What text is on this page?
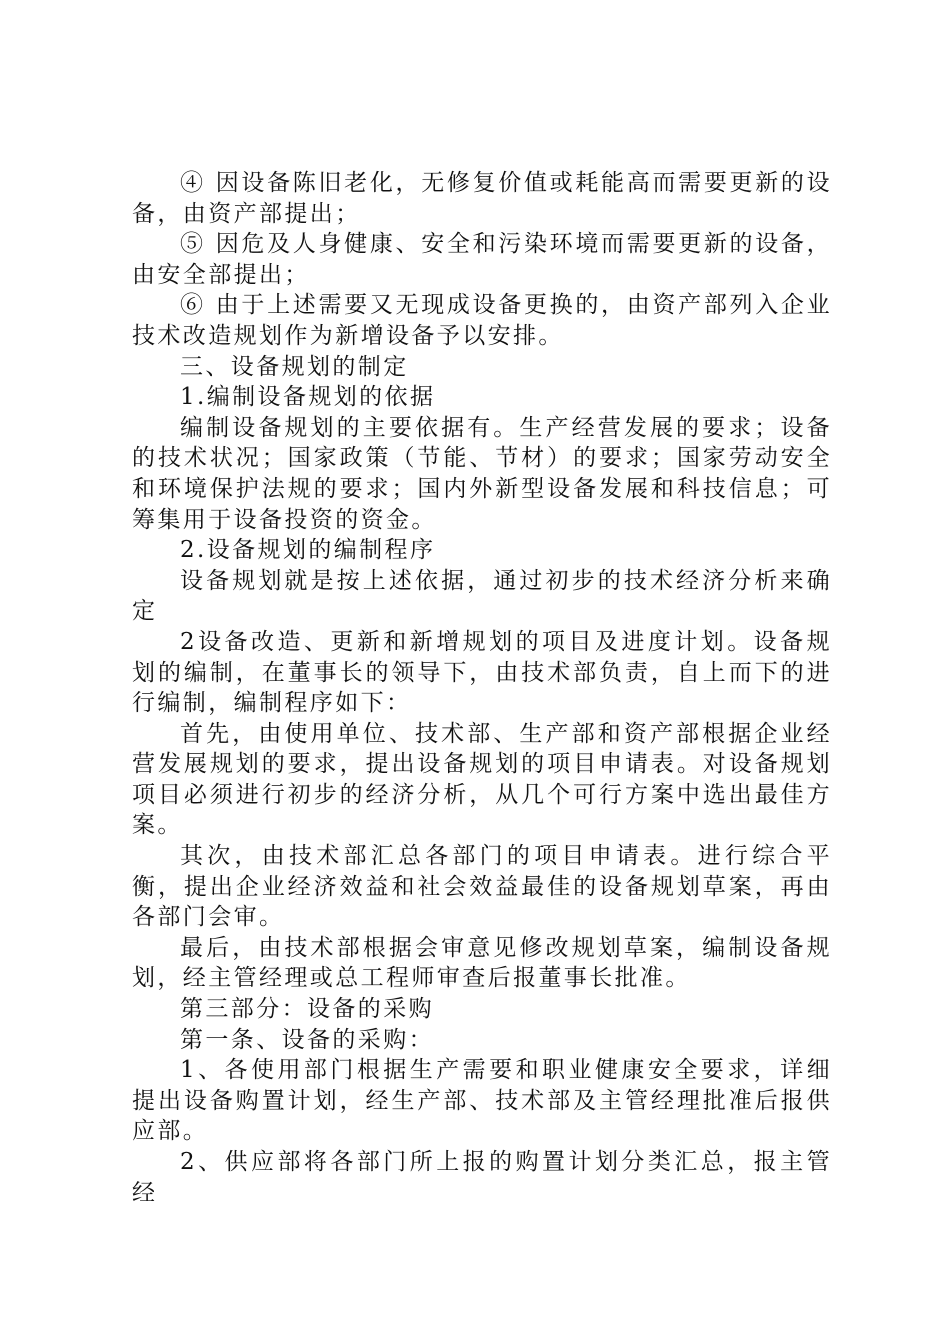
④ 因设备陈旧老化，无修复价值或耗能高而需要更新的设备，由资产部提出；

⑤ 因危及人身健康、安全和污染环境而需要更新的设备，由安全部提出；

⑥ 由于上述需要又无现成设备更换的，由资产部列入企业技术改造规划作为新增设备予以安排。

三、设备规划的制定

1.编制设备规划的依据

编制设备规划的主要依据有。生产经营发展的要求；设备的技术状况；国家政策（节能、节材）的要求；国家劳动安全和环境保护法规的要求；国内外新型设备发展和科技信息；可筹集用于设备投资的资金。

2.设备规划的编制程序

设备规划就是按上述依据，通过初步的技术经济分析来确定

2设备改造、更新和新增规划的项目及进度计划。设备规划的编制，在董事长的领导下，由技术部负责，自上而下的进行编制，编制程序如下：

首先，由使用单位、技术部、生产部和资产部根据企业经营发展规划的要求，提出设备规划的项目申请表。对设备规划项目必须进行初步的经济分析，从几个可行方案中选出最佳方案。

其次，由技术部汇总各部门的项目申请表。进行综合平衡，提出企业经济效益和社会效益最佳的设备规划草案，再由各部门会审。

最后，由技术部根据会审意见修改规划草案，编制设备规划，经主管经理或总工程师审查后报董事长批准。

第三部分：设备的采购

第一条、设备的采购：

1、各使用部门根据生产需要和职业健康安全要求，详细提出设备购置计划，经生产部、技术部及主管经理批准后报供应部。

2、供应部将各部门所上报的购置计划分类汇总，报主管经
